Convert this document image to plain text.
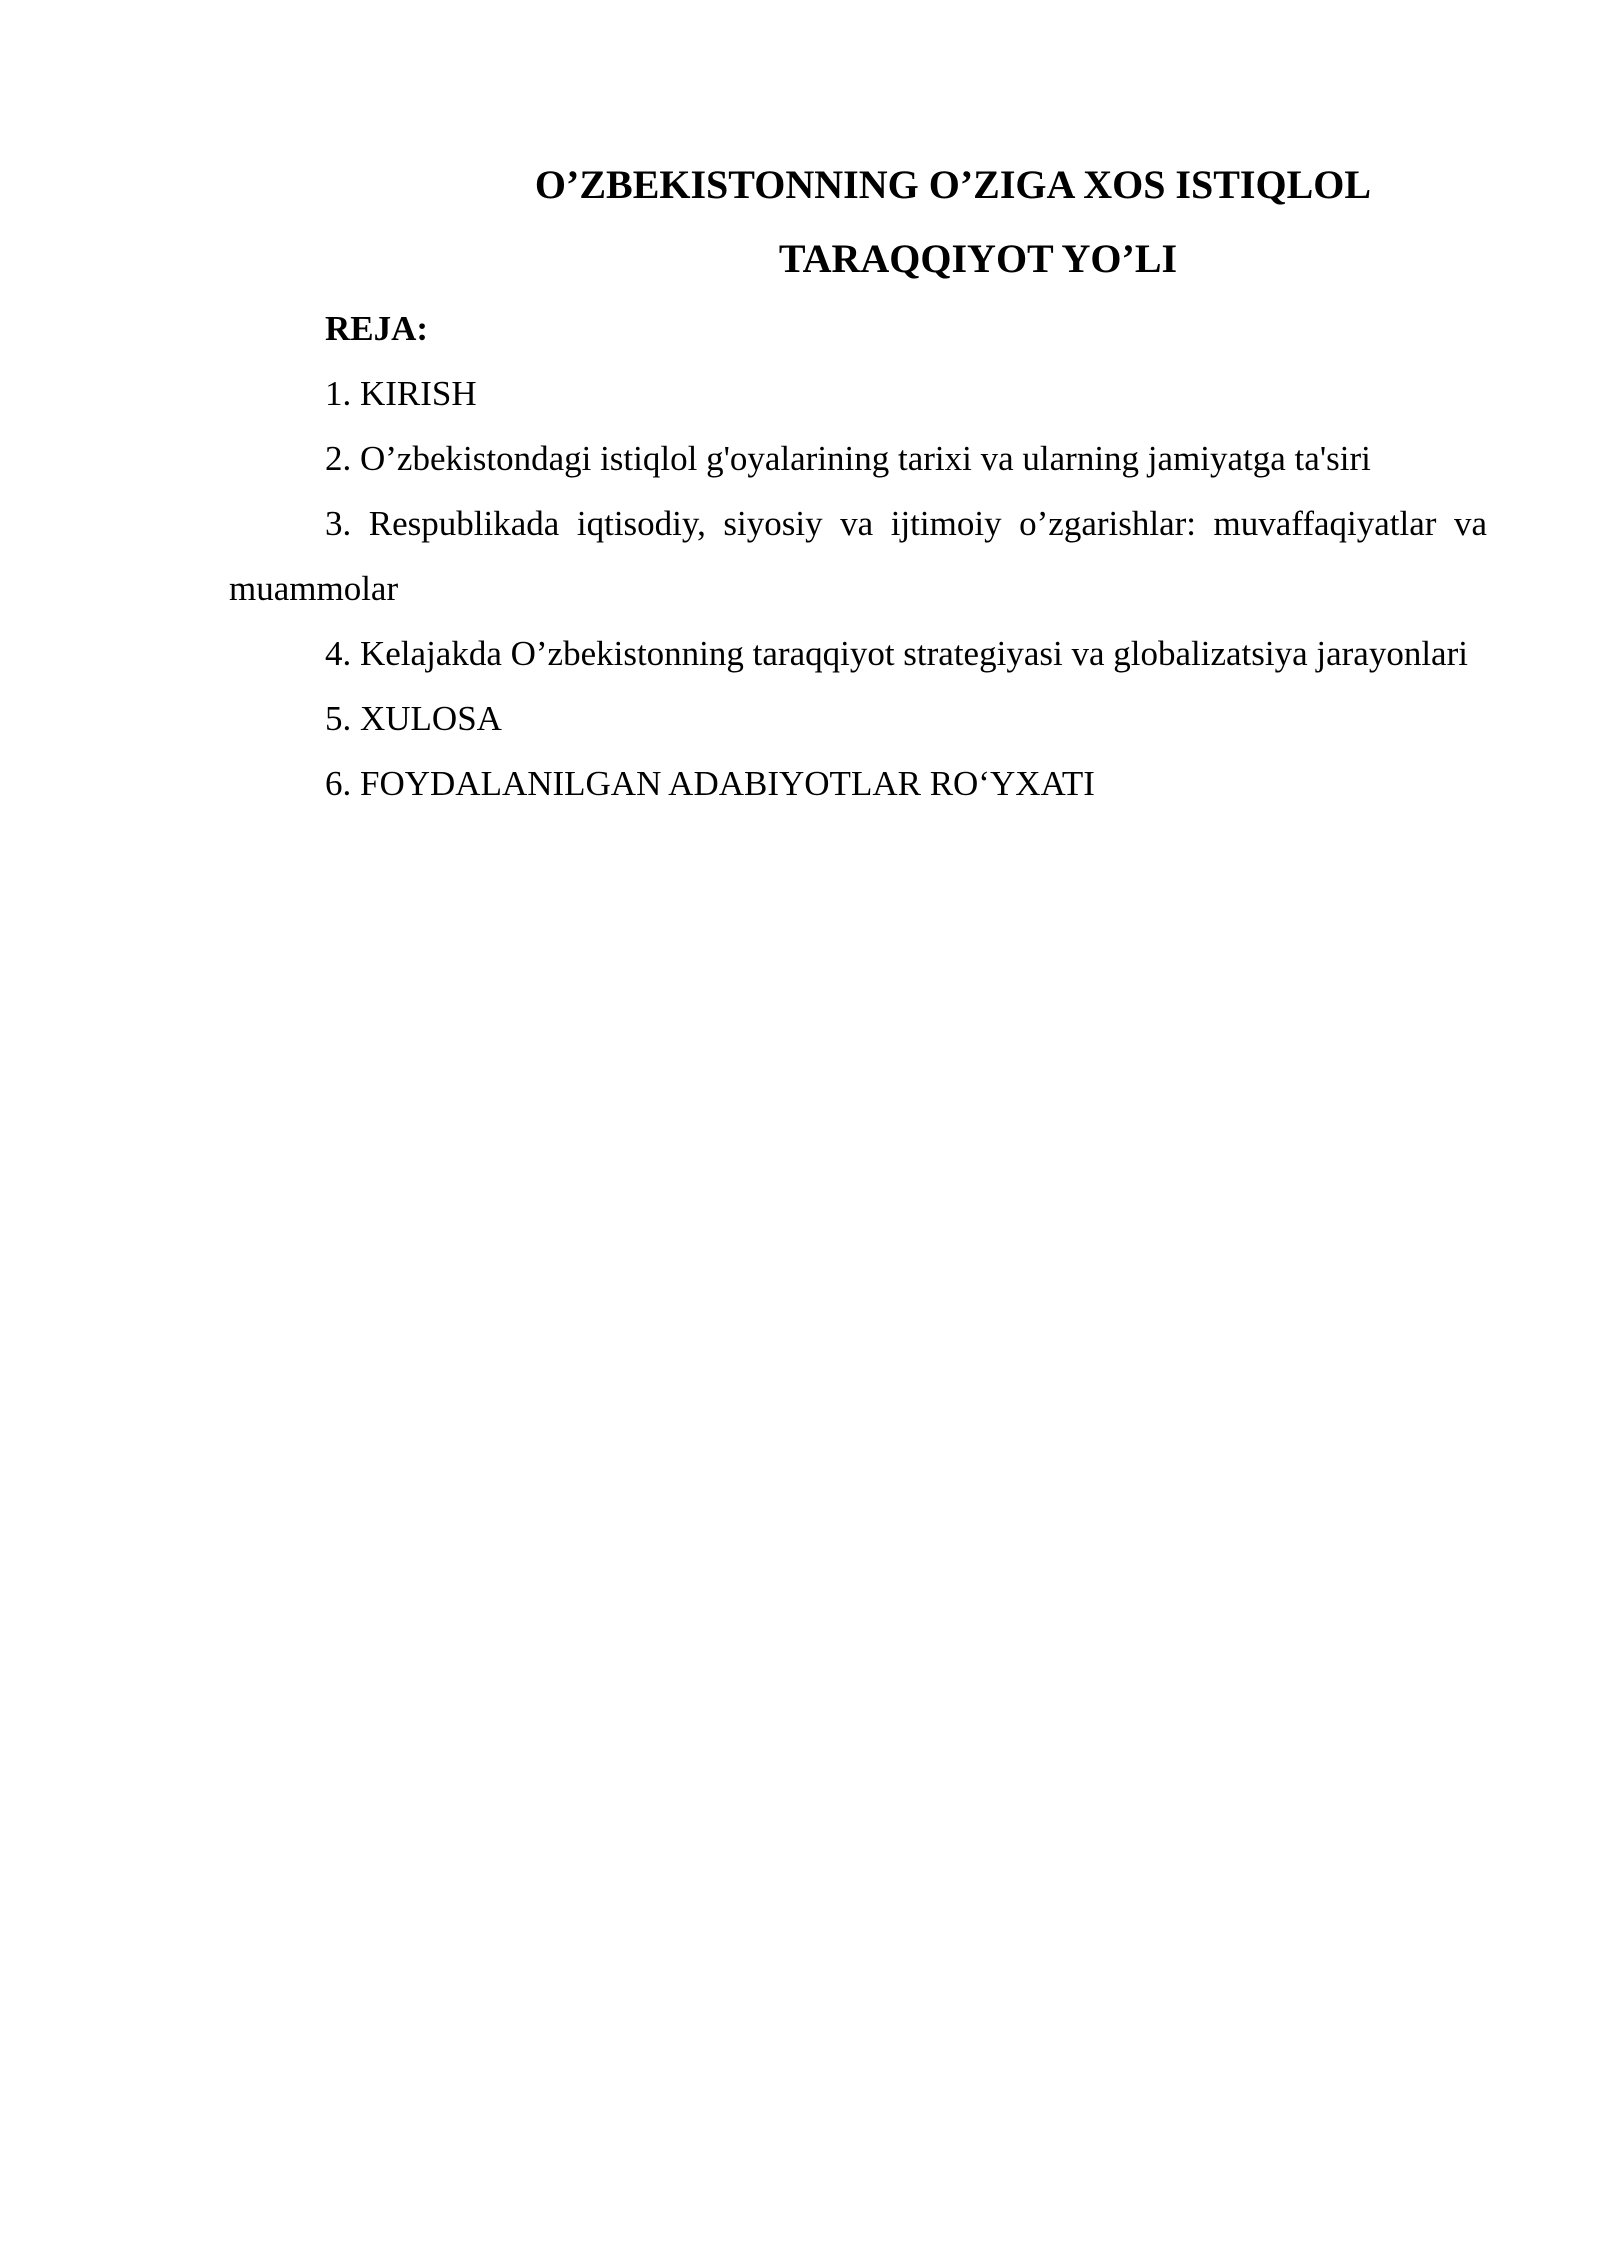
O’ZBEKISTONNING O’ZIGA XOS ISTIQLOL
TARAQQIYOT YO’LI

REJA:

1. KIRISH

2. O’zbekistondagi istiqlol g'oyalarining tarixi va ularning jamiyatga ta'siri

3. Respublikada iqtisodiy, siyosiy va ijtimoiy o’zgarishlar: muvaffaqiyatlar va muammolar

4. Kelajakda O’zbekistonning taraqqiyot strategiyasi va globalizatsiya jarayonlari

5. XULOSA

6. FOYDALANILGAN ADABIYOTLAR RO‘YXATI
